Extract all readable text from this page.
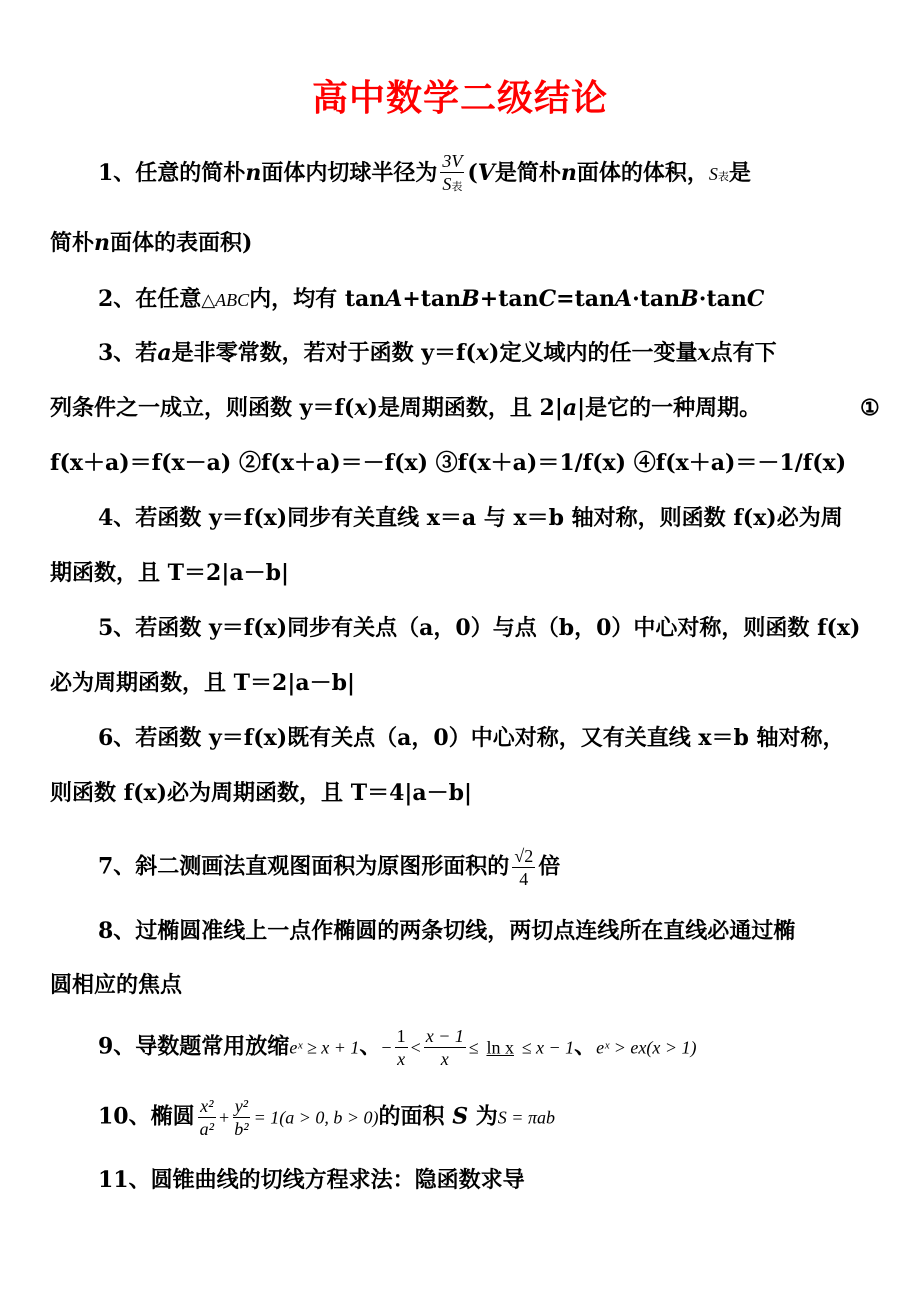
高中数学二级结论
1、任意的简朴n面体内切球半径为 $\frac{3V}{\text{S表}} (V$是简朴n面体的体积，S表是
简朴n面体的表面积)
2、在任意△ABC内，均有 tanA+tanB+tanC=tanA·tanB·tanC
3、若a是非零常数，若对于函数 y＝f(x)定义域内的任一变量x点有下
列条件之一成立，则函数 y＝f(x)是周期函数，且 2|a|是它的一种周期。	①
f(x＋a)＝f(x－a) ②f(x＋a)＝－f(x) ③f(x＋a)＝1/f(x) ④f(x＋a)＝－1/f(x)
4、若函数 y＝f(x)同步有关直线 x＝a 与 x＝b 轴对称，则函数 f(x)必为周
期函数，且 T＝2|a－b|
5、若函数 y＝f(x)同步有关点（a，0）与点（b，0）中心对称，则函数 f(x)
必为周期函数，且 T＝2|a－b|
6、若函数 y＝f(x)既有关点（a，0）中心对称，又有关直线 x＝b 轴对称，
则函数 f(x)必为周期函数，且 T＝4|a－b|
7、斜二测画法直观图面积为原图形面积的 $\frac{√2}{4}$ 倍
8、过椭圆准线上一点作椭圆的两条切线，两切点连线所在直线必通过椭
圆相应的焦点
9、导数题常用放缩eˣ ≥ x + 1、− $\frac{1}{x} < \frac{x - 1}{x} \le \ln x \le x - 1$、eˣ > ex(x > 1)
10、椭圆 $\frac{\text{x²}}{\text{a²}} + \frac{\text{y²}}{\text{b²}} = 1(a > 0$, b > 0)的面积 S 为S = πab
11、圆锥曲线的切线方程求法：隐函数求导
